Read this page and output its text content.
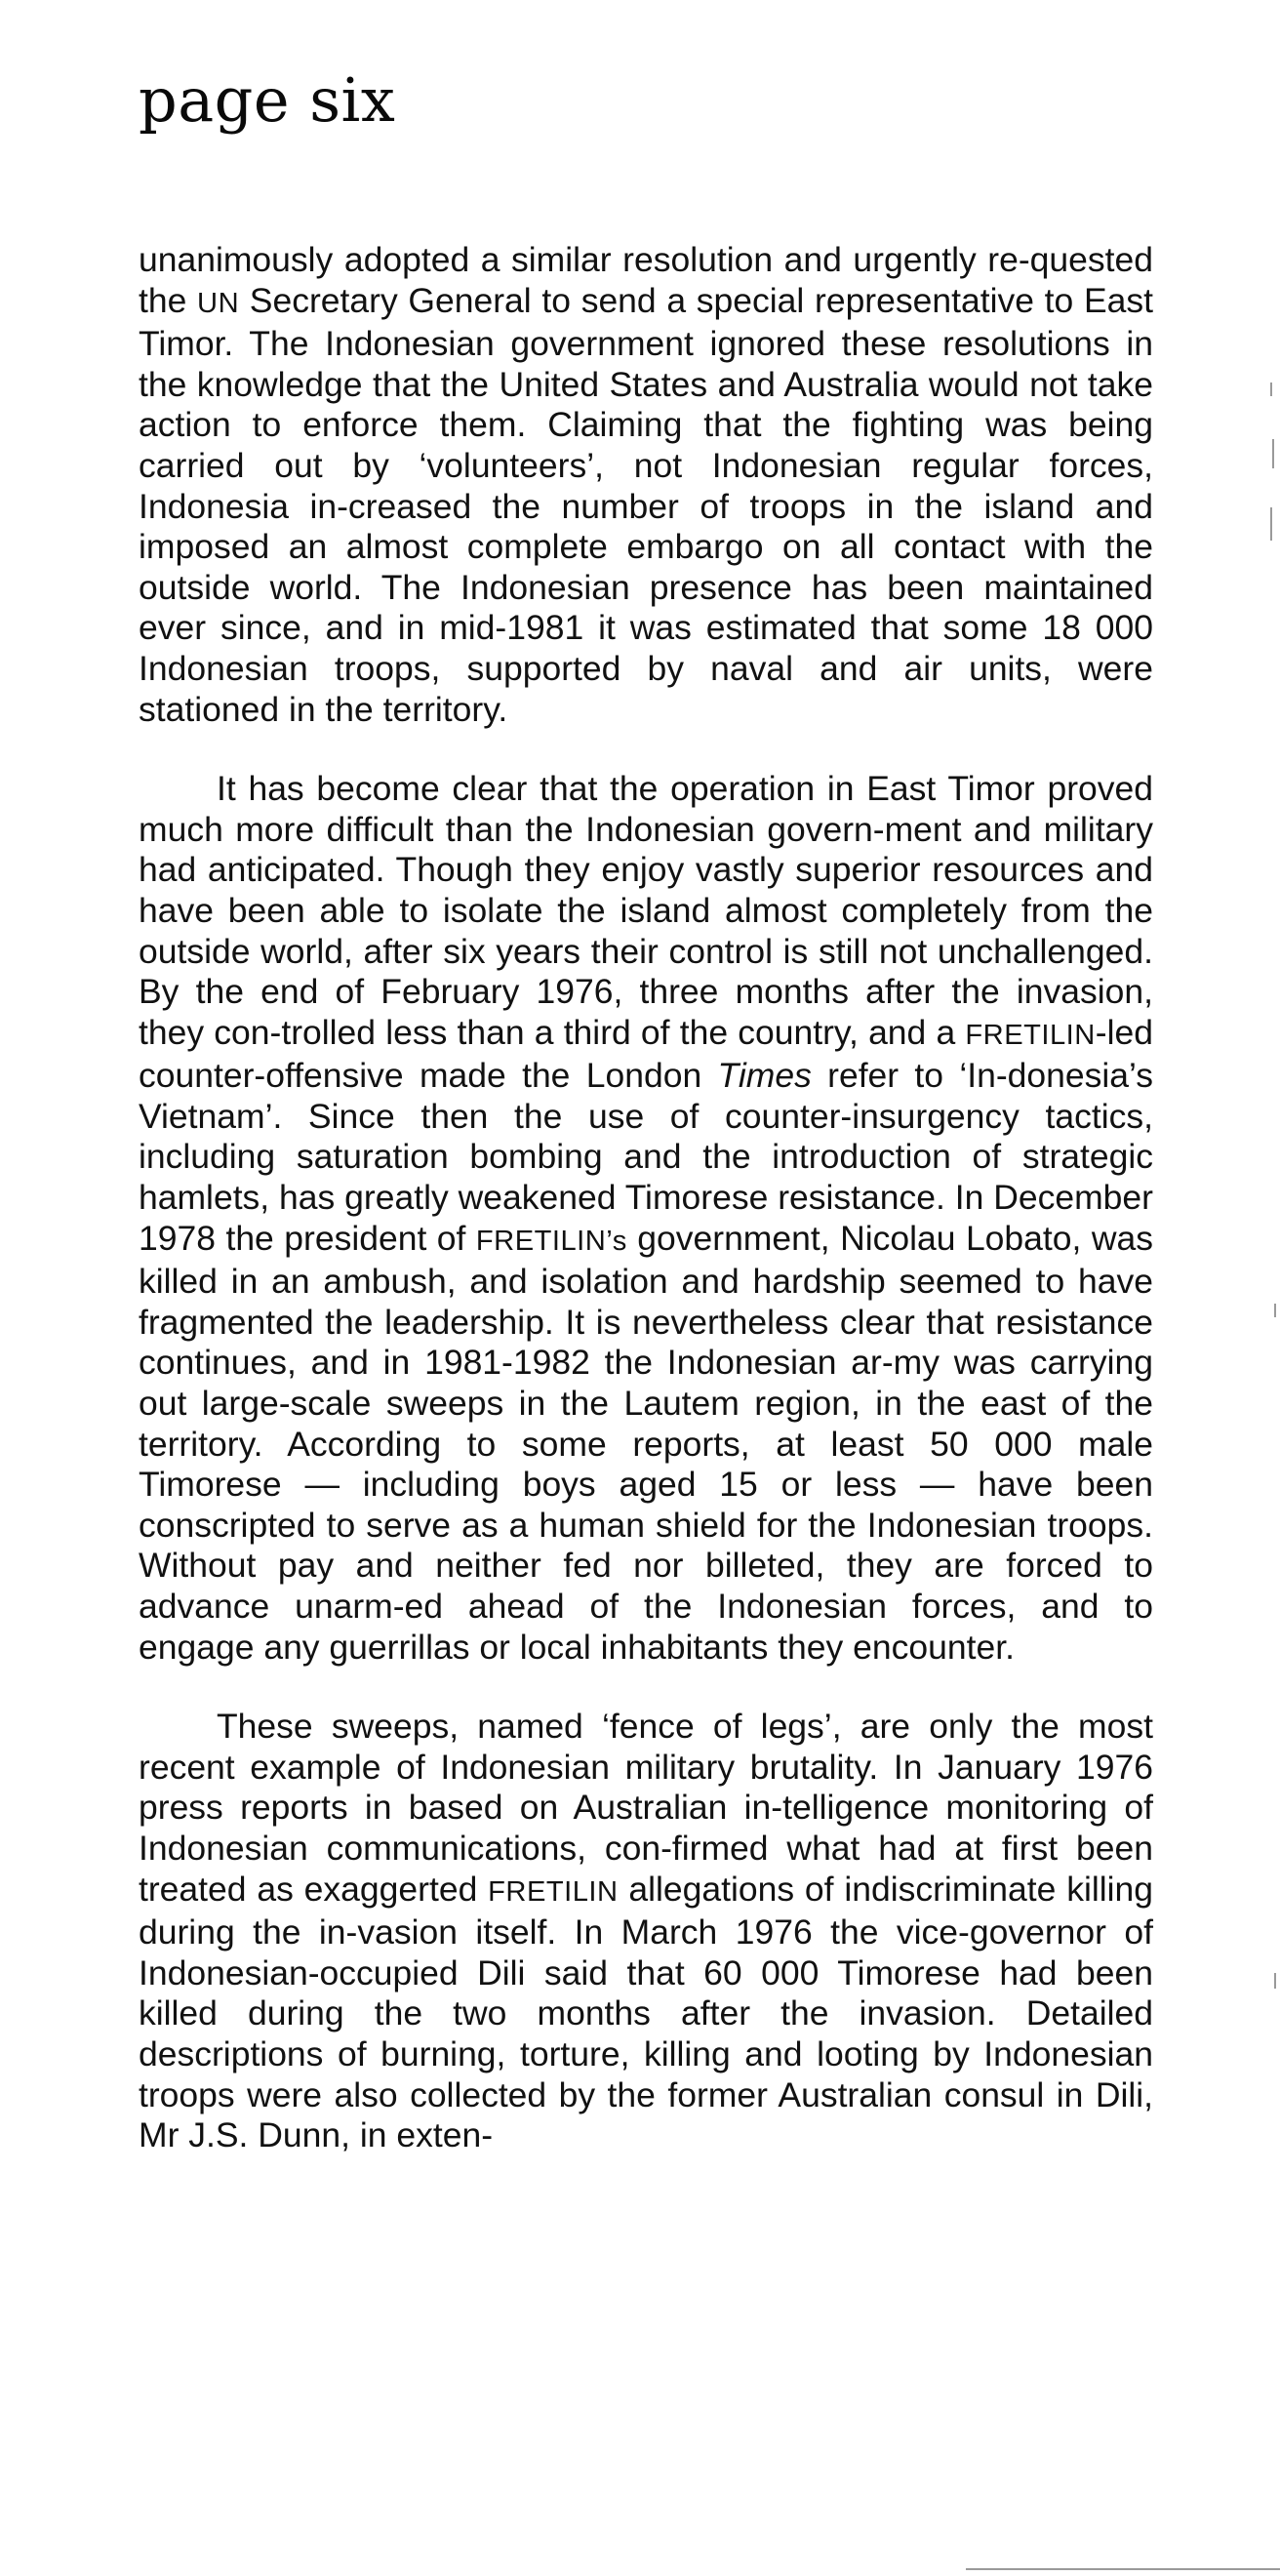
page six

unanimously adopted a similar resolution and urgently re-quested the UN Secretary General to send a special representative to East Timor. The Indonesian government ignored these resolutions in the knowledge that the United States and Australia would not take action to enforce them. Claiming that the fighting was being carried out by ‘volunteers’, not Indonesian regular forces, Indonesia in-creased the number of troops in the island and imposed an almost complete embargo on all contact with the outside world. The Indonesian presence has been maintained ever since, and in mid-1981 it was estimated that some 18 000 Indonesian troops, supported by naval and air units, were stationed in the territory.

It has become clear that the operation in East Timor proved much more difficult than the Indonesian govern-ment and military had anticipated. Though they enjoy vastly superior resources and have been able to isolate the island almost completely from the outside world, after six years their control is still not unchallenged. By the end of February 1976, three months after the invasion, they con-trolled less than a third of the country, and a FRETILIN-led counter-offensive made the London Times refer to ‘In-donesia’s Vietnam’. Since then the use of counter-insurgency tactics, including saturation bombing and the introduction of strategic hamlets, has greatly weakened Timorese resistance. In December 1978 the president of FRETILIN’s government, Nicolau Lobato, was killed in an ambush, and isolation and hardship seemed to have fragmented the leadership. It is nevertheless clear that resistance continues, and in 1981-1982 the Indonesian ar-my was carrying out large-scale sweeps in the Lautem region, in the east of the territory. According to some reports, at least 50 000 male Timorese — including boys aged 15 or less — have been conscripted to serve as a human shield for the Indonesian troops. Without pay and neither fed nor billeted, they are forced to advance unarm-ed ahead of the Indonesian forces, and to engage any guerrillas or local inhabitants they encounter.

These sweeps, named ‘fence of legs’, are only the most recent example of Indonesian military brutality. In January 1976 press reports in based on Australian in-telligence monitoring of Indonesian communications, con-firmed what had at first been treated as exaggerted FRETILIN allegations of indiscriminate killing during the in-vasion itself. In March 1976 the vice-governor of Indonesian-occupied Dili said that 60 000 Timorese had been killed during the two months after the invasion. Detailed descriptions of burning, torture, killing and looting by Indonesian troops were also collected by the former Australian consul in Dili, Mr J.S. Dunn, in exten-
